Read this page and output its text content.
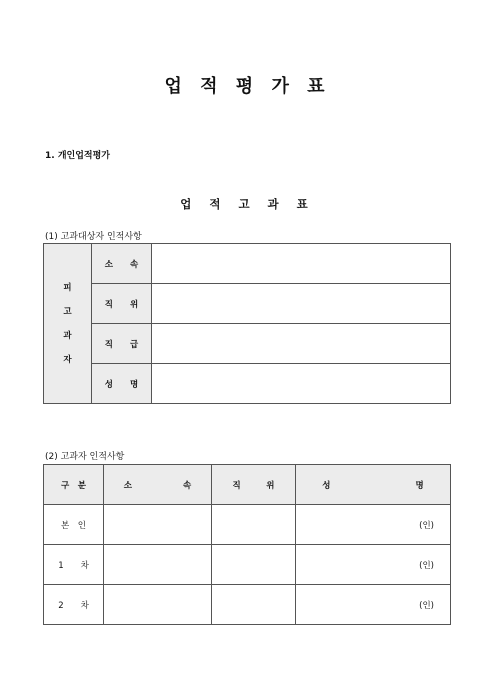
업 적 평 가 표
1. 개인업적평가
업 적 고 과 표
(1) 고과대상자 인적사항
피
고
과
자	소　　속	
	직　　위	
	직　　급	
	성　　명	
(2) 고과자 인적사항
구　분	소　　　　　　속	직　　　위	성　　　　　　　　　　명
본　인			(인)
1　　차			(인)
2　　차			(인)
